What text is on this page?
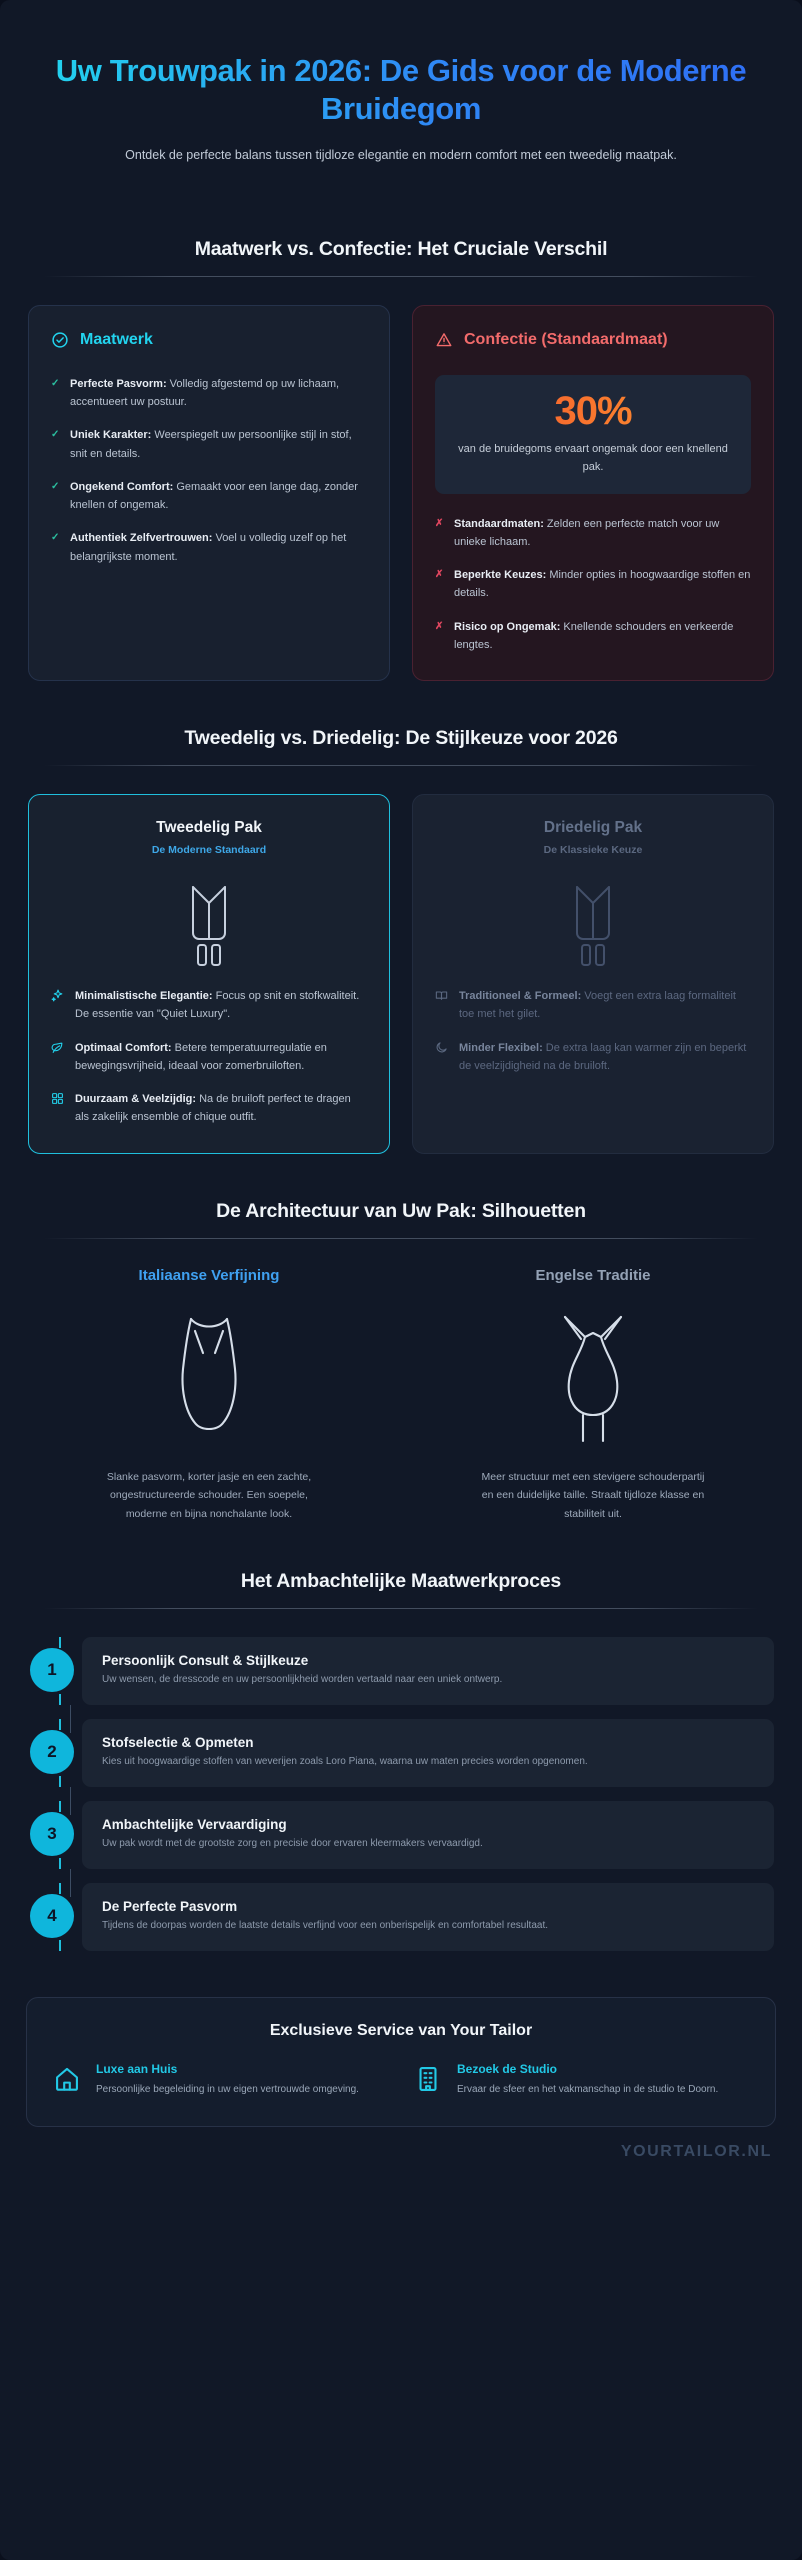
Uw Trouwpak in 2026: De Gids voor de Moderne Bruidegom

Ontdek de perfecte balans tussen tijdloze elegantie en modern comfort met een tweedelig maatpak.

Maatwerk vs. Confectie: Het Cruciale Verschil
Maatwerk
✓ Perfecte Pasvorm: Volledig afgestemd op uw lichaam, accentueert uw postuur.
✓ Uniek Karakter: Weerspiegelt uw persoonlijke stijl in stof, snit en details.
✓ Ongekend Comfort: Gemaakt voor een lange dag, zonder knellen of ongemak.
✓ Authentiek Zelfvertrouwen: Voel u volledig uzelf op het belangrijkste moment.
Confectie (Standaardmaat)
30%
van de bruidegoms ervaart ongemak door een knellend pak.
✗ Standaardmaten: Zelden een perfecte match voor uw unieke lichaam.
✗ Beperkte Keuzes: Minder opties in hoogwaardige stoffen en details.
✗ Risico op Ongemak: Knellende schouders en verkeerde lengtes.
Tweedelig vs. Driedelig: De Stijlkeuze voor 2026
Tweedelig Pak
De Moderne Standaard
Minimalistische Elegantie: Focus op snit en stofkwaliteit. De essentie van "Quiet Luxury".
Optimaal Comfort: Betere temperatuurregulatie en bewegingsvrijheid, ideaal voor zomerbruiloften.
Duurzaam & Veelzijdig: Na de bruiloft perfect te dragen als zakelijk ensemble of chique outfit.
Driedelig Pak
De Klassieke Keuze
Traditioneel & Formeel: Voegt een extra laag formaliteit toe met het gilet.
Minder Flexibel: De extra laag kan warmer zijn en beperkt de veelzijdigheid na de bruiloft.
De Architectuur van Uw Pak: Silhouetten
Italiaanse Verfijning

Slanke pasvorm, korter jasje en een zachte, ongestructureerde schouder. Een soepele, moderne en bijna nonchalante look.

Engelse Traditie

Meer structuur met een stevigere schouderpartij en een duidelijke taille. Straalt tijdloze klasse en stabiliteit uit.

Het Ambachtelijke Maatwerkproces
1	Persoonlijk Consult & Stijlkeuze

Uw wensen, de dresscode en uw persoonlijkheid worden vertaald naar een uniek ontwerp.

2	Stofselectie & Opmeten

Kies uit hoogwaardige stoffen van weverijen zoals Loro Piana, waarna uw maten precies worden opgenomen.

3	Ambachtelijke Vervaardiging

Uw pak wordt met de grootste zorg en precisie door ervaren kleermakers vervaardigd.

4	De Perfecte Pasvorm

Tijdens de doorpas worden de laatste details verfijnd voor een onberispelijk en comfortabel resultaat.

Exclusieve Service van Your Tailor
Luxe aan Huis

Persoonlijke begeleiding in uw eigen vertrouwde omgeving.

Bezoek de Studio

Ervaar de sfeer en het vakmanschap in de studio te Doorn.

YOURTAILOR.NL
